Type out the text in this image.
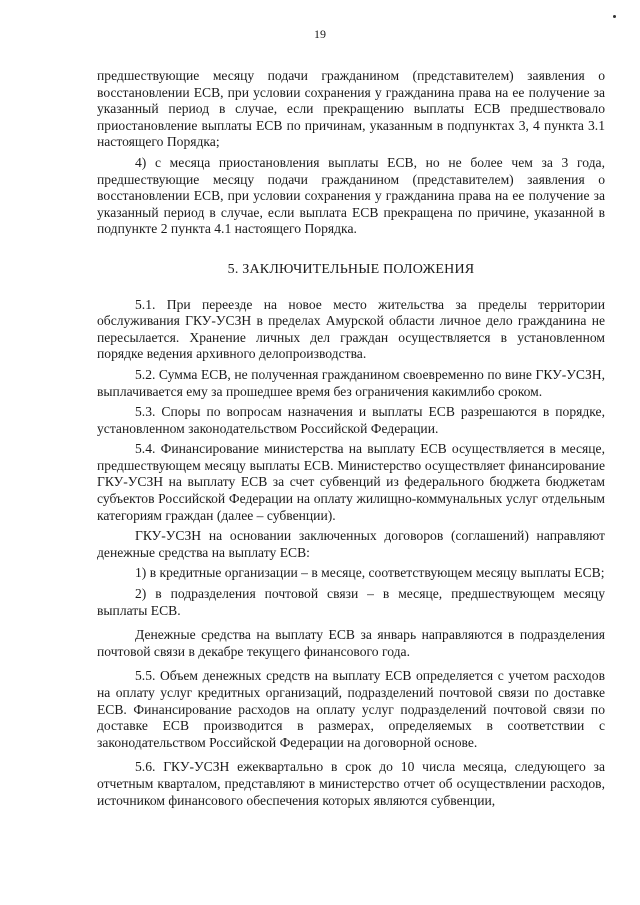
19

предшествующие месяцу подачи гражданином (представителем) заявления о восстановлении ЕСВ, при условии сохранения у гражданина права на ее получение за указанный период в случае, если прекращению выплаты ЕСВ предшествовало приостановление выплаты ЕСВ по причинам, указанным в подпунктах 3, 4 пункта 3.1 настоящего Порядка;

4) с месяца приостановления выплаты ЕСВ, но не более чем за 3 года, предшествующие месяцу подачи гражданином (представителем) заявления о восстановлении ЕСВ, при условии сохранения у гражданина права на ее получение за указанный период в случае, если выплата ЕСВ прекращена по причине, указанной в подпункте 2 пункта 4.1 настоящего Порядка.

5. ЗАКЛЮЧИТЕЛЬНЫЕ ПОЛОЖЕНИЯ

5.1. При переезде на новое место жительства за пределы территории обслуживания ГКУ-УСЗН в пределах Амурской области личное дело гражданина не пересылается. Хранение личных дел граждан осуществляется в установленном порядке ведения архивного делопроизводства.

5.2. Сумма ЕСВ, не полученная гражданином своевременно по вине ГКУ-УСЗН, выплачивается ему за прошедшее время без ограничения какимлибо сроком.

5.3. Споры по вопросам назначения и выплаты ЕСВ разрешаются в порядке, установленном законодательством Российской Федерации.

5.4. Финансирование министерства на выплату ЕСВ осуществляется в месяце, предшествующем месяцу выплаты ЕСВ. Министерство осуществляет финансирование ГКУ-УСЗН на выплату ЕСВ за счет субвенций из федерального бюджета бюджетам субъектов Российской Федерации на оплату жилищно-коммунальных услуг отдельным категориям граждан (далее – субвенции).

ГКУ-УСЗН на основании заключенных договоров (соглашений) направляют денежные средства на выплату ЕСВ:

1) в кредитные организации – в месяце, соответствующем месяцу выплаты ЕСВ;

2) в подразделения почтовой связи – в месяце, предшествующем месяцу выплаты ЕСВ.

Денежные средства на выплату ЕСВ за январь направляются в подразделения почтовой связи в декабре текущего финансового года.

5.5. Объем денежных средств на выплату ЕСВ определяется с учетом расходов на оплату услуг кредитных организаций, подразделений почтовой связи по доставке ЕСВ. Финансирование расходов на оплату услуг подразделений почтовой связи по доставке ЕСВ производится в размерах, определяемых в соответствии с законодательством Российской Федерации на договорной основе.

5.6. ГКУ-УСЗН ежеквартально в срок до 10 числа месяца, следующего за отчетным кварталом, представляют в министерство отчет об осуществлении расходов, источником финансового обеспечения которых являются субвенции,
